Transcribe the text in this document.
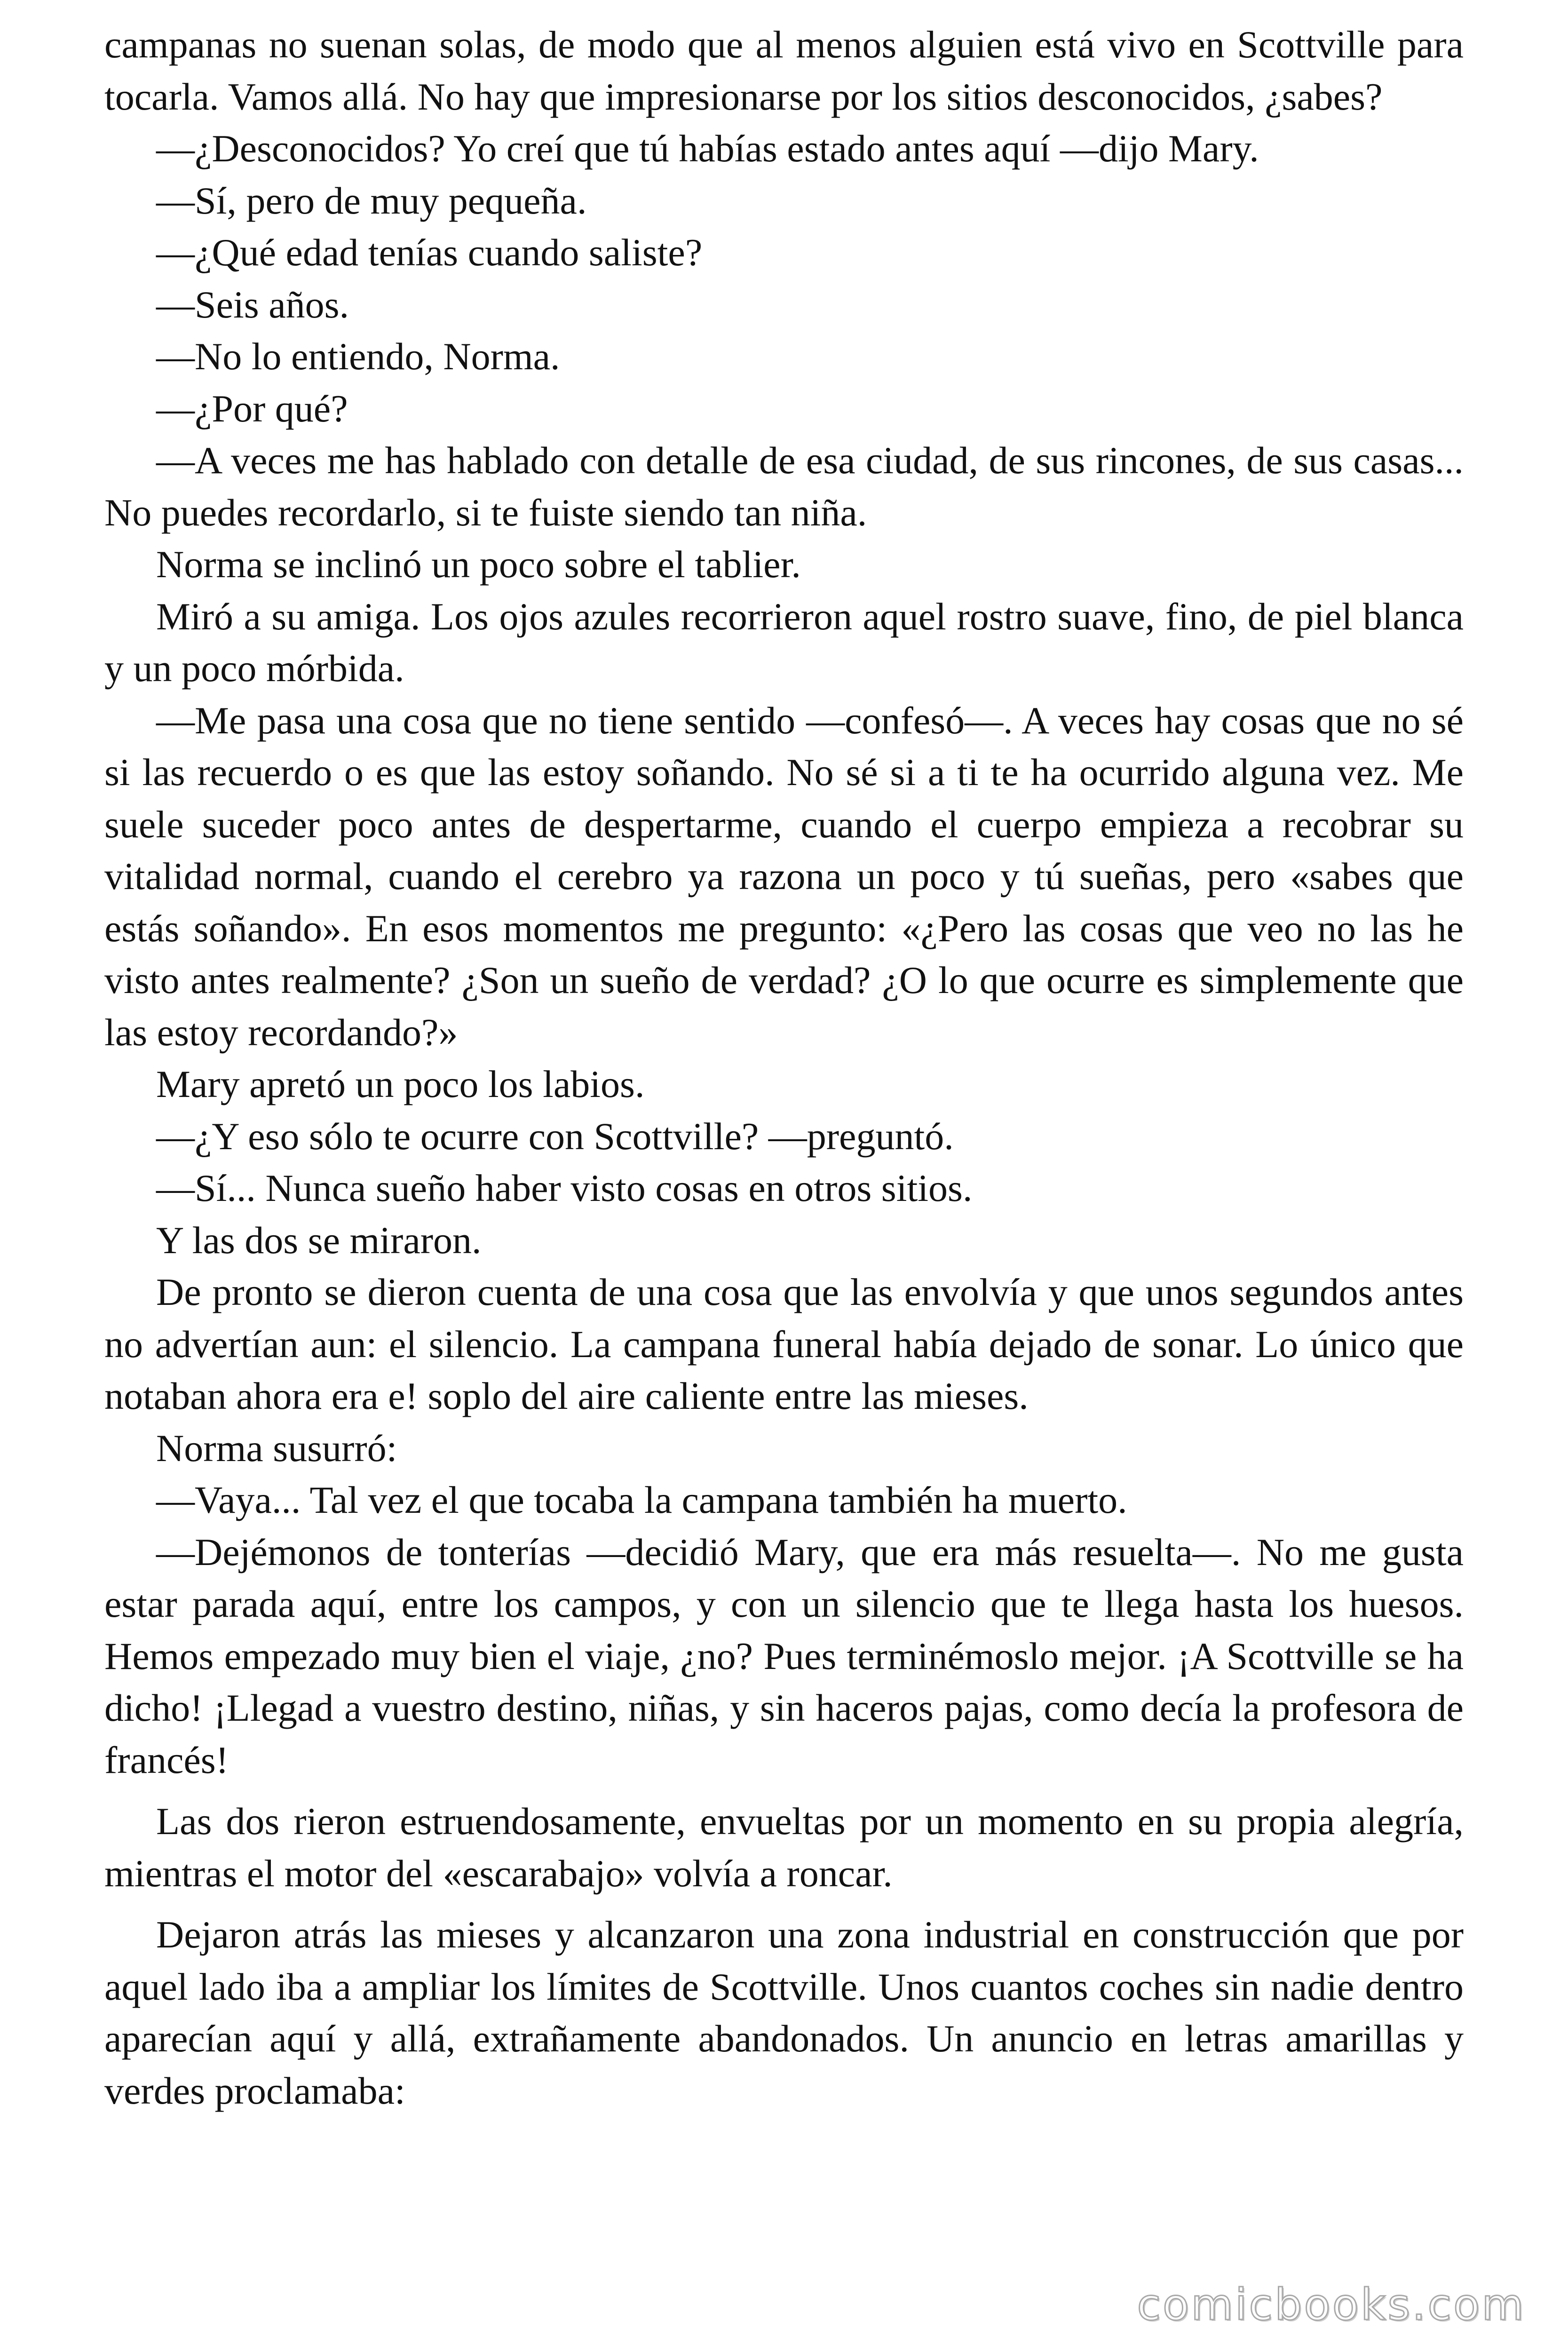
campanas no suenan solas, de modo que al menos alguien está vivo en Scottville para tocarla. Vamos allá. No hay que impresionarse por los sitios desconocidos, ¿sabes?

—¿Desconocidos? Yo creí que tú habías estado antes aquí —dijo Mary.

—Sí, pero de muy pequeña.

—¿Qué edad tenías cuando saliste?

—Seis años.

—No lo entiendo, Norma.

—¿Por qué?

—A veces me has hablado con detalle de esa ciudad, de sus rincones, de sus casas... No puedes recordarlo, si te fuiste siendo tan niña.

Norma se inclinó un poco sobre el tablier.

Miró a su amiga. Los ojos azules recorrieron aquel rostro suave, fino, de piel blanca y un poco mórbida.

—Me pasa una cosa que no tiene sentido —confesó—. A veces hay cosas que no sé si las recuerdo o es que las estoy soñando. No sé si a ti te ha ocurrido alguna vez. Me suele suceder poco antes de despertarme, cuando el cuerpo empieza a recobrar su vitalidad normal, cuando el cerebro ya razona un poco y tú sueñas, pero «sabes que estás soñando». En esos momentos me pregunto: «¿Pero las cosas que veo no las he visto antes realmente? ¿Son un sueño de verdad? ¿O lo que ocurre es simplemente que las estoy recordando?»

Mary apretó un poco los labios.

—¿Y eso sólo te ocurre con Scottville? —preguntó.

—Sí... Nunca sueño haber visto cosas en otros sitios.

Y las dos se miraron.

De pronto se dieron cuenta de una cosa que las envolvía y que unos segundos antes no advertían aun: el silencio. La campana funeral había dejado de sonar. Lo único que notaban ahora era e! soplo del aire caliente entre las mieses.

Norma susurró:

—Vaya... Tal vez el que tocaba la campana también ha muerto.

—Dejémonos de tonterías —decidió Mary, que era más resuelta—. No me gusta estar parada aquí, entre los campos, y con un silencio que te llega hasta los huesos. Hemos empezado muy bien el viaje, ¿no? Pues terminémoslo mejor. ¡A Scottville se ha dicho! ¡Llegad a vuestro destino, niñas, y sin haceros pajas, como decía la profesora de francés!

Las dos rieron estruendosamente, envueltas por un momento en su propia alegría, mientras el motor del «escarabajo» volvía a roncar.

Dejaron atrás las mieses y alcanzaron una zona industrial en construcción que por aquel lado iba a ampliar los límites de Scottville. Unos cuantos coches sin nadie dentro aparecían aquí y allá, extrañamente abandonados. Un anuncio en letras amarillas y verdes proclamaba:

comicbooks.com
